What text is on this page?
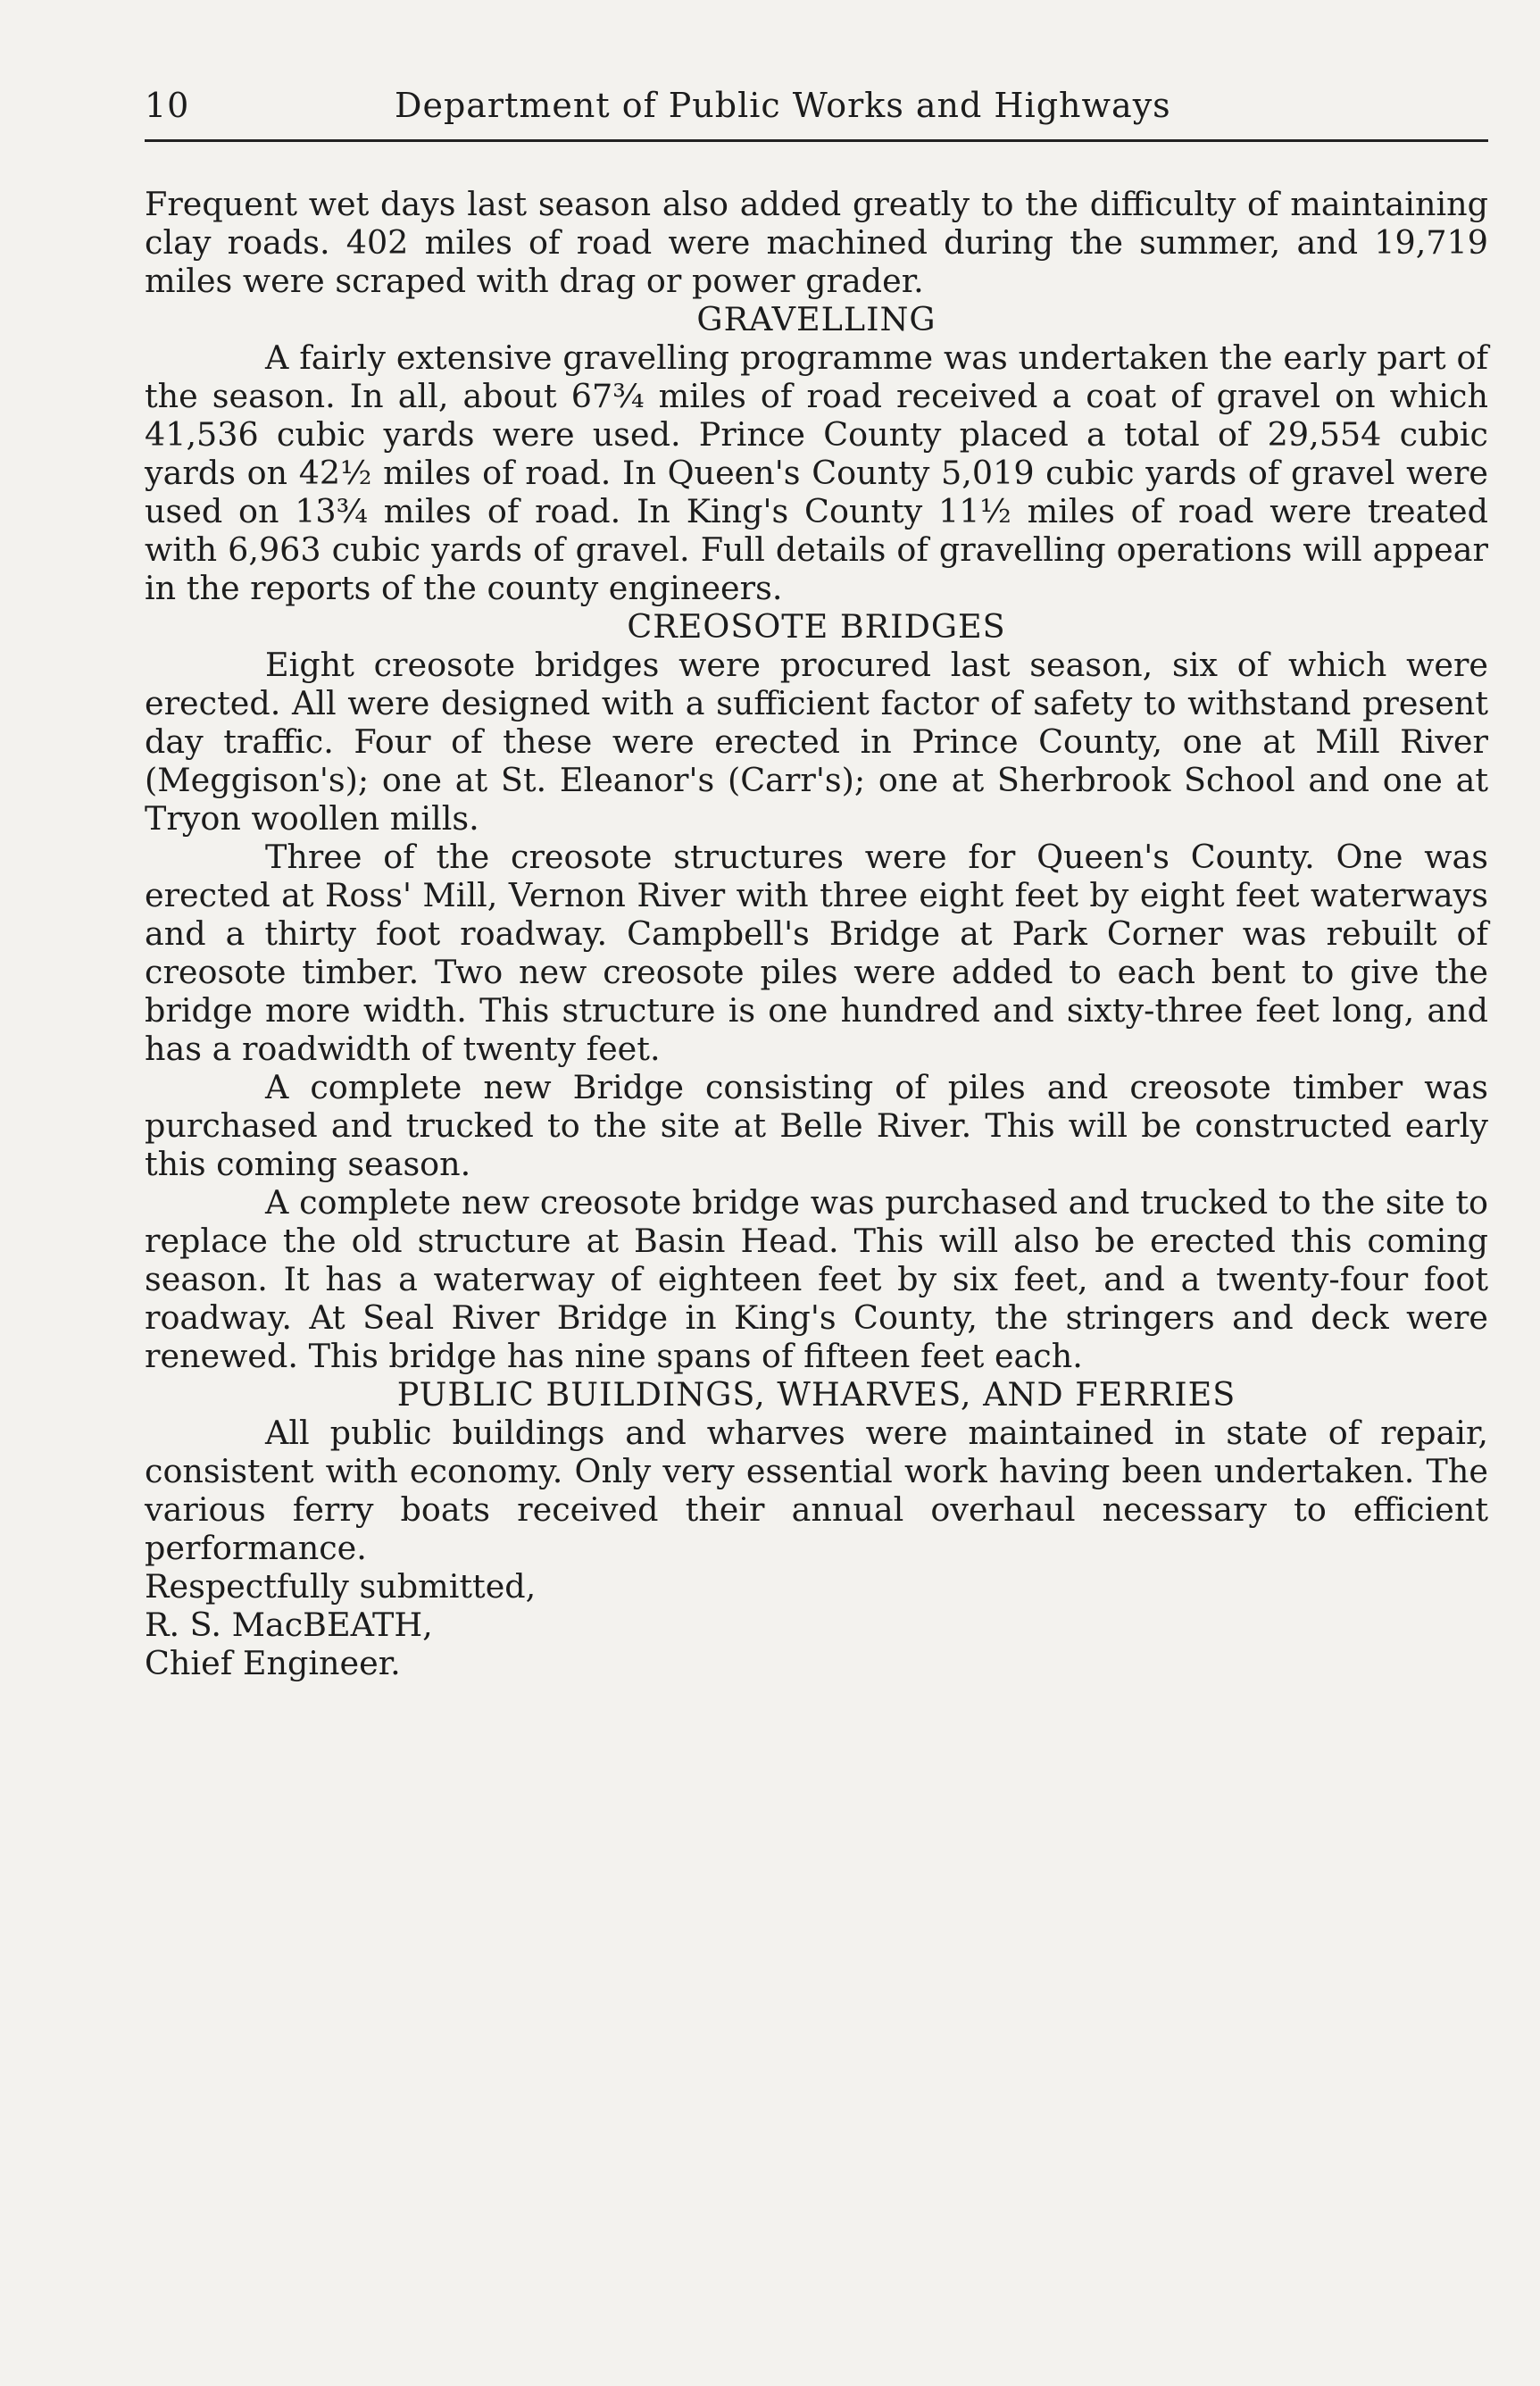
10	Department of Public Works and Highways

Frequent wet days last season also added greatly to the difficulty of maintaining clay roads. 402 miles of road were machined during the summer, and 19,719 miles were scraped with drag or power grader.

GRAVELLING

A fairly extensive gravelling programme was undertaken the early part of the season. In all, about 67¾ miles of road received a coat of gravel on which 41,536 cubic yards were used. Prince County placed a total of 29,554 cubic yards on 42½ miles of road. In Queen's County 5,019 cubic yards of gravel were used on 13¾ miles of road. In King's County 11½ miles of road were treated with 6,963 cubic yards of gravel. Full details of gravelling operations will appear in the reports of the county engineers.

CREOSOTE BRIDGES

Eight creosote bridges were procured last season, six of which were erected. All were designed with a sufficient factor of safety to withstand present day traffic. Four of these were erected in Prince County, one at Mill River (Meggison's); one at St. Eleanor's (Carr's); one at Sherbrook School and one at Tryon woollen mills.

Three of the creosote structures were for Queen's County. One was erected at Ross' Mill, Vernon River with three eight feet by eight feet waterways and a thirty foot roadway. Campbell's Bridge at Park Corner was rebuilt of creosote timber. Two new creosote piles were added to each bent to give the bridge more width. This structure is one hundred and sixty-three feet long, and has a roadwidth of twenty feet.

A complete new Bridge consisting of piles and creosote timber was purchased and trucked to the site at Belle River. This will be constructed early this coming season.

A complete new creosote bridge was purchased and trucked to the site to replace the old structure at Basin Head. This will also be erected this coming season. It has a waterway of eighteen feet by six feet, and a twenty-four foot roadway. At Seal River Bridge in King's County, the stringers and deck were renewed. This bridge has nine spans of fifteen feet each.

PUBLIC BUILDINGS, WHARVES, AND FERRIES

All public buildings and wharves were maintained in state of repair, consistent with economy. Only very essential work having been undertaken. The various ferry boats received their annual overhaul necessary to efficient performance.

Respectfully submitted,

R. S. MacBEATH,

Chief Engineer.
